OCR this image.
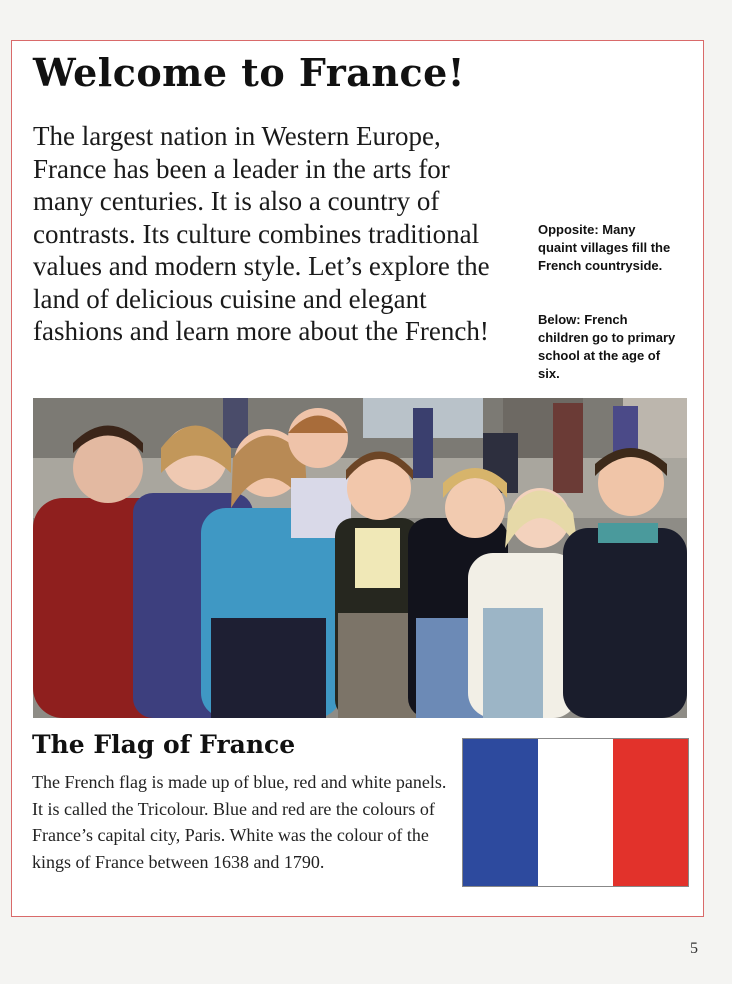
Welcome to France!

The largest nation in Western Europe, France has been a leader in the arts for many centuries. It is also a country of contrasts. Its culture combines traditional values and modern style. Let’s explore the land of delicious cuisine and elegant fashions and learn more about the French!

Opposite: Many quaint villages fill the French countryside.
Below: French children go to primary school at the age of six.
The Flag of France

The French flag is made up of blue, red and white panels. It is called the Tricolour. Blue and red are the colours of France’s capital city, Paris. White was the colour of the kings of France between 1638 and 1790.

5
